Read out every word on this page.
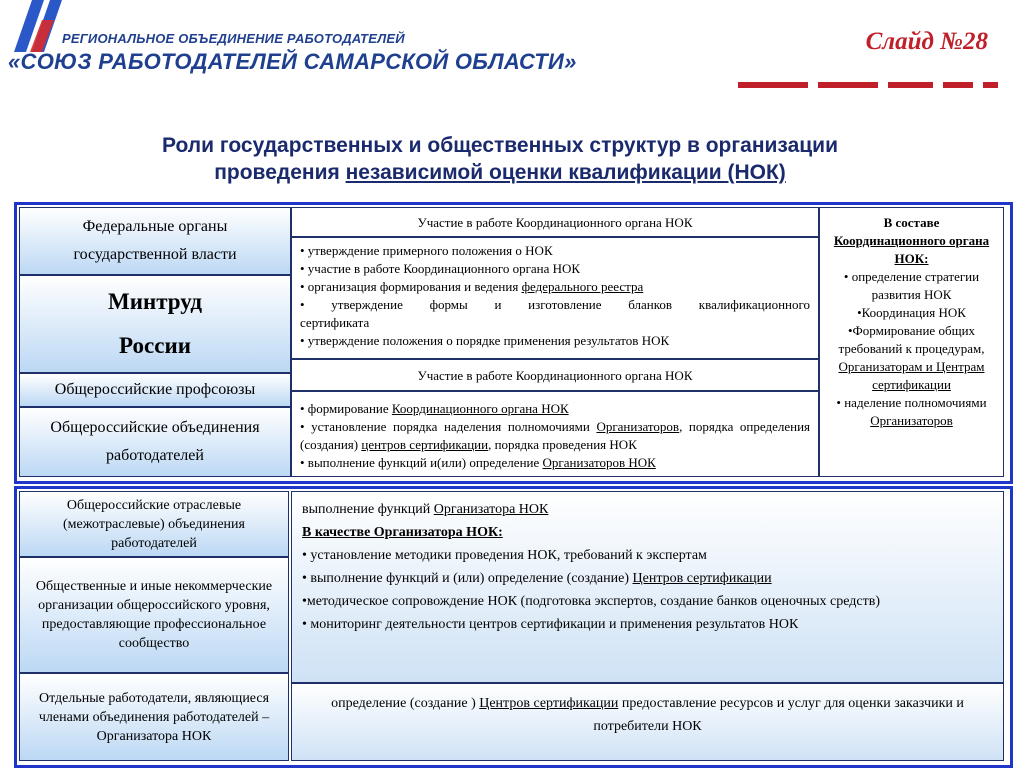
РЕГИОНАЛЬНОЕ ОБЪЕДИНЕНИЕ РАБОТОДАТЕЛЕЙ
«СОЮЗ РАБОТОДАТЕЛЕЙ САМАРСКОЙ ОБЛАСТИ»
Слайд №28
Роли государственных и общественных структур в организации
проведения независимой оценки квалификации (НОК)
Федеральные органы государственной власти
Минтруд
России
Общероссийские профсоюзы
Общероссийские объединения работодателей
Участие в работе Координационного органа НОК
• утверждение примерного положения о НОК
• участие в работе Координационного органа НОК
• организация формирования и ведения федерального реестра
• утверждение формы и изготовление бланков квалификационного
сертификата
• утверждение положения о порядке применения результатов НОК
Участие в работе Координационного органа НОК
• формирование Координационного органа НОК
• установление порядка наделения полномочиями Организаторов, порядка определения (создания) центров сертификации, порядка проведения НОК
• выполнение функций и(или) определение Организаторов НОК
В составе
Координационного органа НОК:
• определение стратегии развития НОК
•Координация НОК
•Формирование общих требований к процедурам,
Организаторам и Центрам сертификации
• наделение полномочиями
Организаторов
Общероссийские отраслевые (межотраслевые) объединения работодателей
Общественные и иные некоммерческие организации общероссийского уровня, предоставляющие профессиональное сообщество
Отдельные работодатели, являющиеся членами объединения работодателей – Организатора НОК
выполнение функций Организатора НОК
В качестве Организатора НОК:
• установление методики проведения НОК, требований к экспертам
• выполнение функций и (или) определение (создание) Центров сертификации
•методическое сопровождение НОК (подготовка экспертов, создание банков оценочных средств)
• мониторинг деятельности центров сертификации и применения результатов НОК
определение (создание ) Центров сертификации предоставление ресурсов и услуг для оценки заказчики и потребители НОК
